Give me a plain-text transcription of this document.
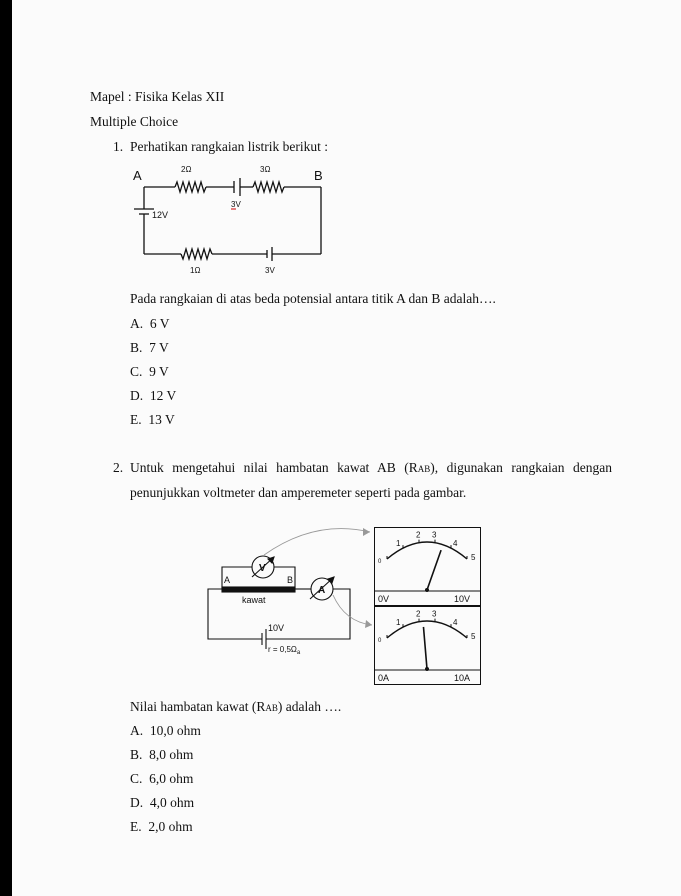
Mapel : Fisika Kelas XII
Multiple Choice
1. Perhatikan rangkaian listrik berikut :
A	B
2Ω	3Ω
3V
12V
1Ω	3V
Pada rangkaian di atas beda potensial antara titik A dan B adalah….
A. 6 V
B. 7 V
C. 9 V
D. 12 V
E. 13 V
2. Untuk mengetahui nilai hambatan kawat AB (RAB), digunakan rangkaian dengan
penunjukkan voltmeter dan amperemeter seperti pada gambar.
V
A
A	B
kawat
10V
$r = 0,5\Omega_a$
0
1
2 3
4
5
0V	10V
0
1
2 3
4
5
0A	10A
Nilai hambatan kawat (RAB) adalah ….
A. 10,0 ohm
B. 8,0 ohm
C. 6,0 ohm
D. 4,0 ohm
E. 2,0 ohm
